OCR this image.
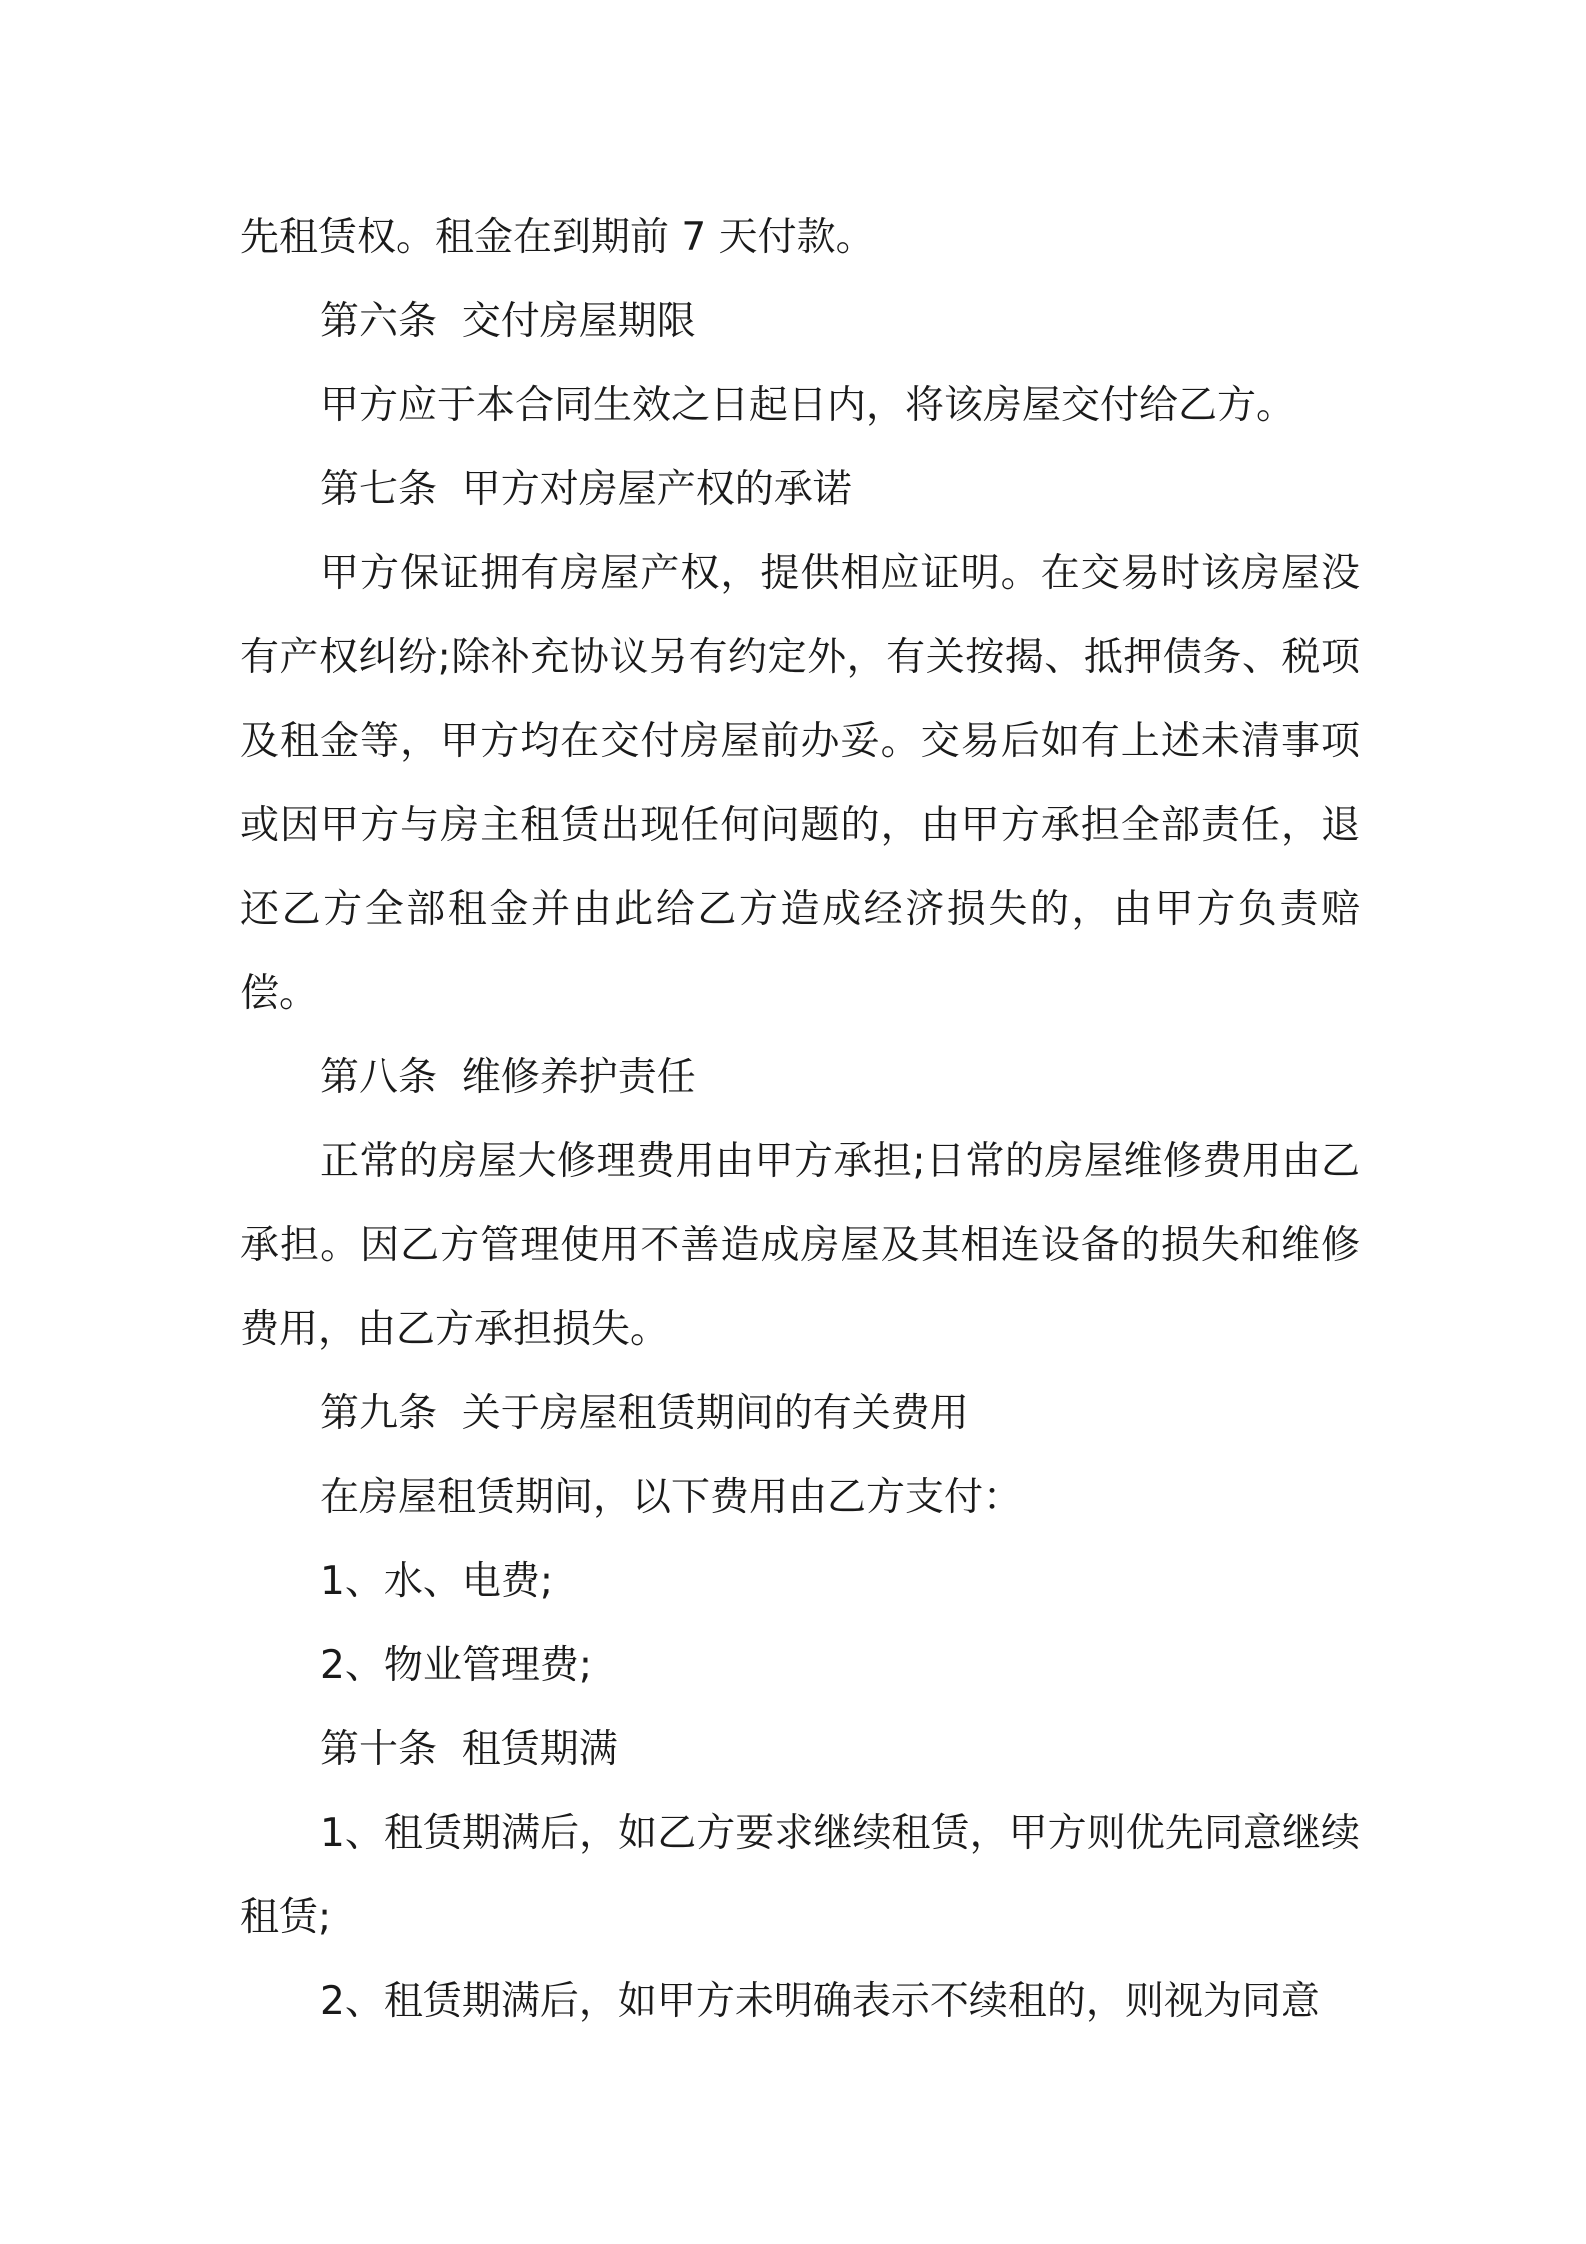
先租赁权。租金在到期前 7 天付款。

第六条  交付房屋期限

甲方应于本合同生效之日起日内，将该房屋交付给乙方。

第七条  甲方对房屋产权的承诺

甲方保证拥有房屋产权，提供相应证明。在交易时该房屋没有产权纠纷;除补充协议另有约定外，有关按揭、抵押债务、税项及租金等，甲方均在交付房屋前办妥。交易后如有上述未清事项或因甲方与房主租赁出现任何问题的，由甲方承担全部责任，退还乙方全部租金并由此给乙方造成经济损失的，由甲方负责赔偿。

第八条  维修养护责任

正常的房屋大修理费用由甲方承担;日常的房屋维修费用由乙承担。因乙方管理使用不善造成房屋及其相连设备的损失和维修费用，由乙方承担损失。

第九条  关于房屋租赁期间的有关费用

在房屋租赁期间，以下费用由乙方支付：

1、水、电费;

2、物业管理费;

第十条  租赁期满

1、租赁期满后，如乙方要求继续租赁，甲方则优先同意继续租赁;

2、租赁期满后，如甲方未明确表示不续租的，则视为同意
